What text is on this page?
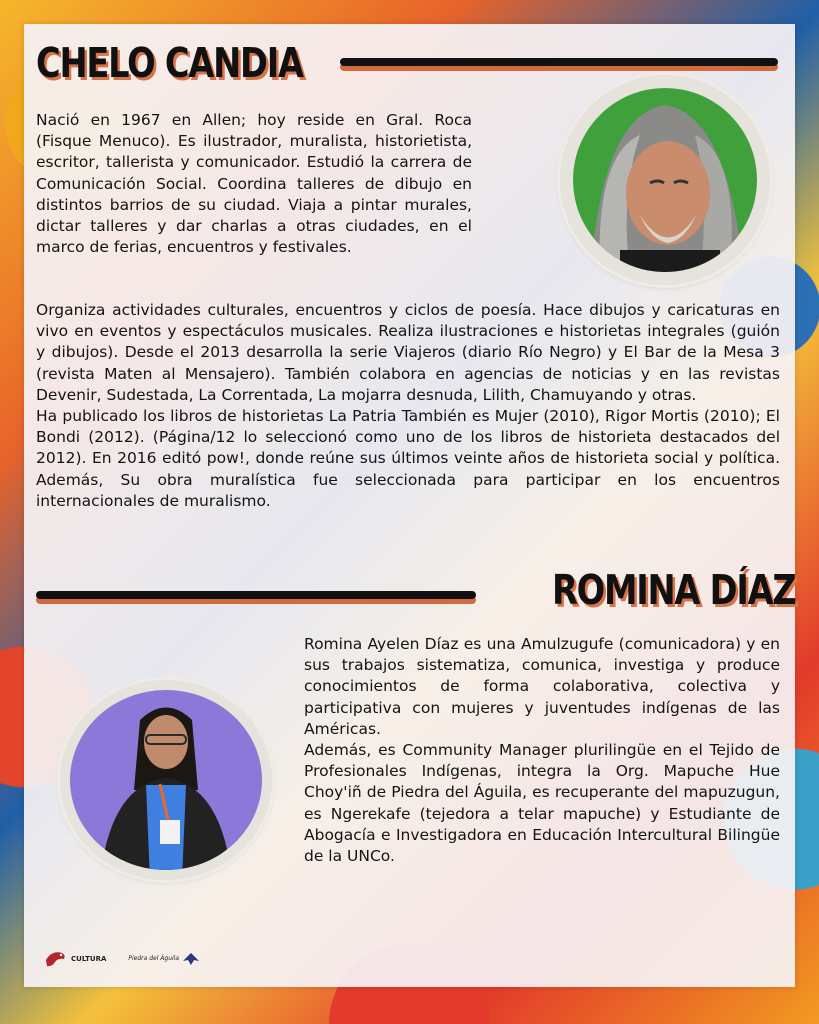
CHELO CANDIA

Nació en 1967 en Allen; hoy reside en Gral. Roca (Fisque Menuco). Es ilustrador, muralista, historietista, escritor, tallerista y comunicador. Estudió la carrera de Comunicación Social. Coordina talleres de dibujo en distintos barrios de su ciudad. Viaja a pintar murales, dictar talleres y dar charlas a otras ciudades, en el marco de ferias, encuentros y festivales.

Organiza actividades culturales, encuentros y ciclos de poesía. Hace dibujos y caricaturas en vivo en eventos y espectáculos musicales. Realiza ilustraciones e historietas integrales (guión y dibujos). Desde el 2013 desarrolla la serie Viajeros (diario Río Negro) y El Bar de la Mesa 3 (revista Maten al Mensajero). También colabora en agencias de noticias y en las revistas Devenir, Sudestada, La Correntada, La mojarra desnuda, Lilith, Chamuyando y otras.

Ha publicado los libros de historietas La Patria También es Mujer (2010), Rigor Mortis (2010); El Bondi (2012). (Página/12 lo seleccionó como uno de los libros de historieta destacados del 2012). En 2016 editó pow!, donde reúne sus últimos veinte años de historieta social y política. Además, Su obra muralística fue seleccionada para participar en los encuentros internacionales de muralismo.

ROMINA DÍAZ

Romina Ayelen Díaz es una Amulzugufe (comunicadora) y en sus trabajos sistematiza, comunica, investiga y produce conocimientos de forma colaborativa, colectiva y participativa con mujeres y juventudes indígenas de las Américas.

Además, es Community Manager plurilingüe en el Tejido de Profesionales Indígenas, integra la Org. Mapuche Hue Choy'iñ de Piedra del Águila, es recuperante del mapuzugun, es Ngerekafe (tejedora a telar mapuche) y Estudiante de Abogacía e Investigadora en Educación Intercultural Bilingüe de la UNCo.

CULTURA	Piedra del Águila
